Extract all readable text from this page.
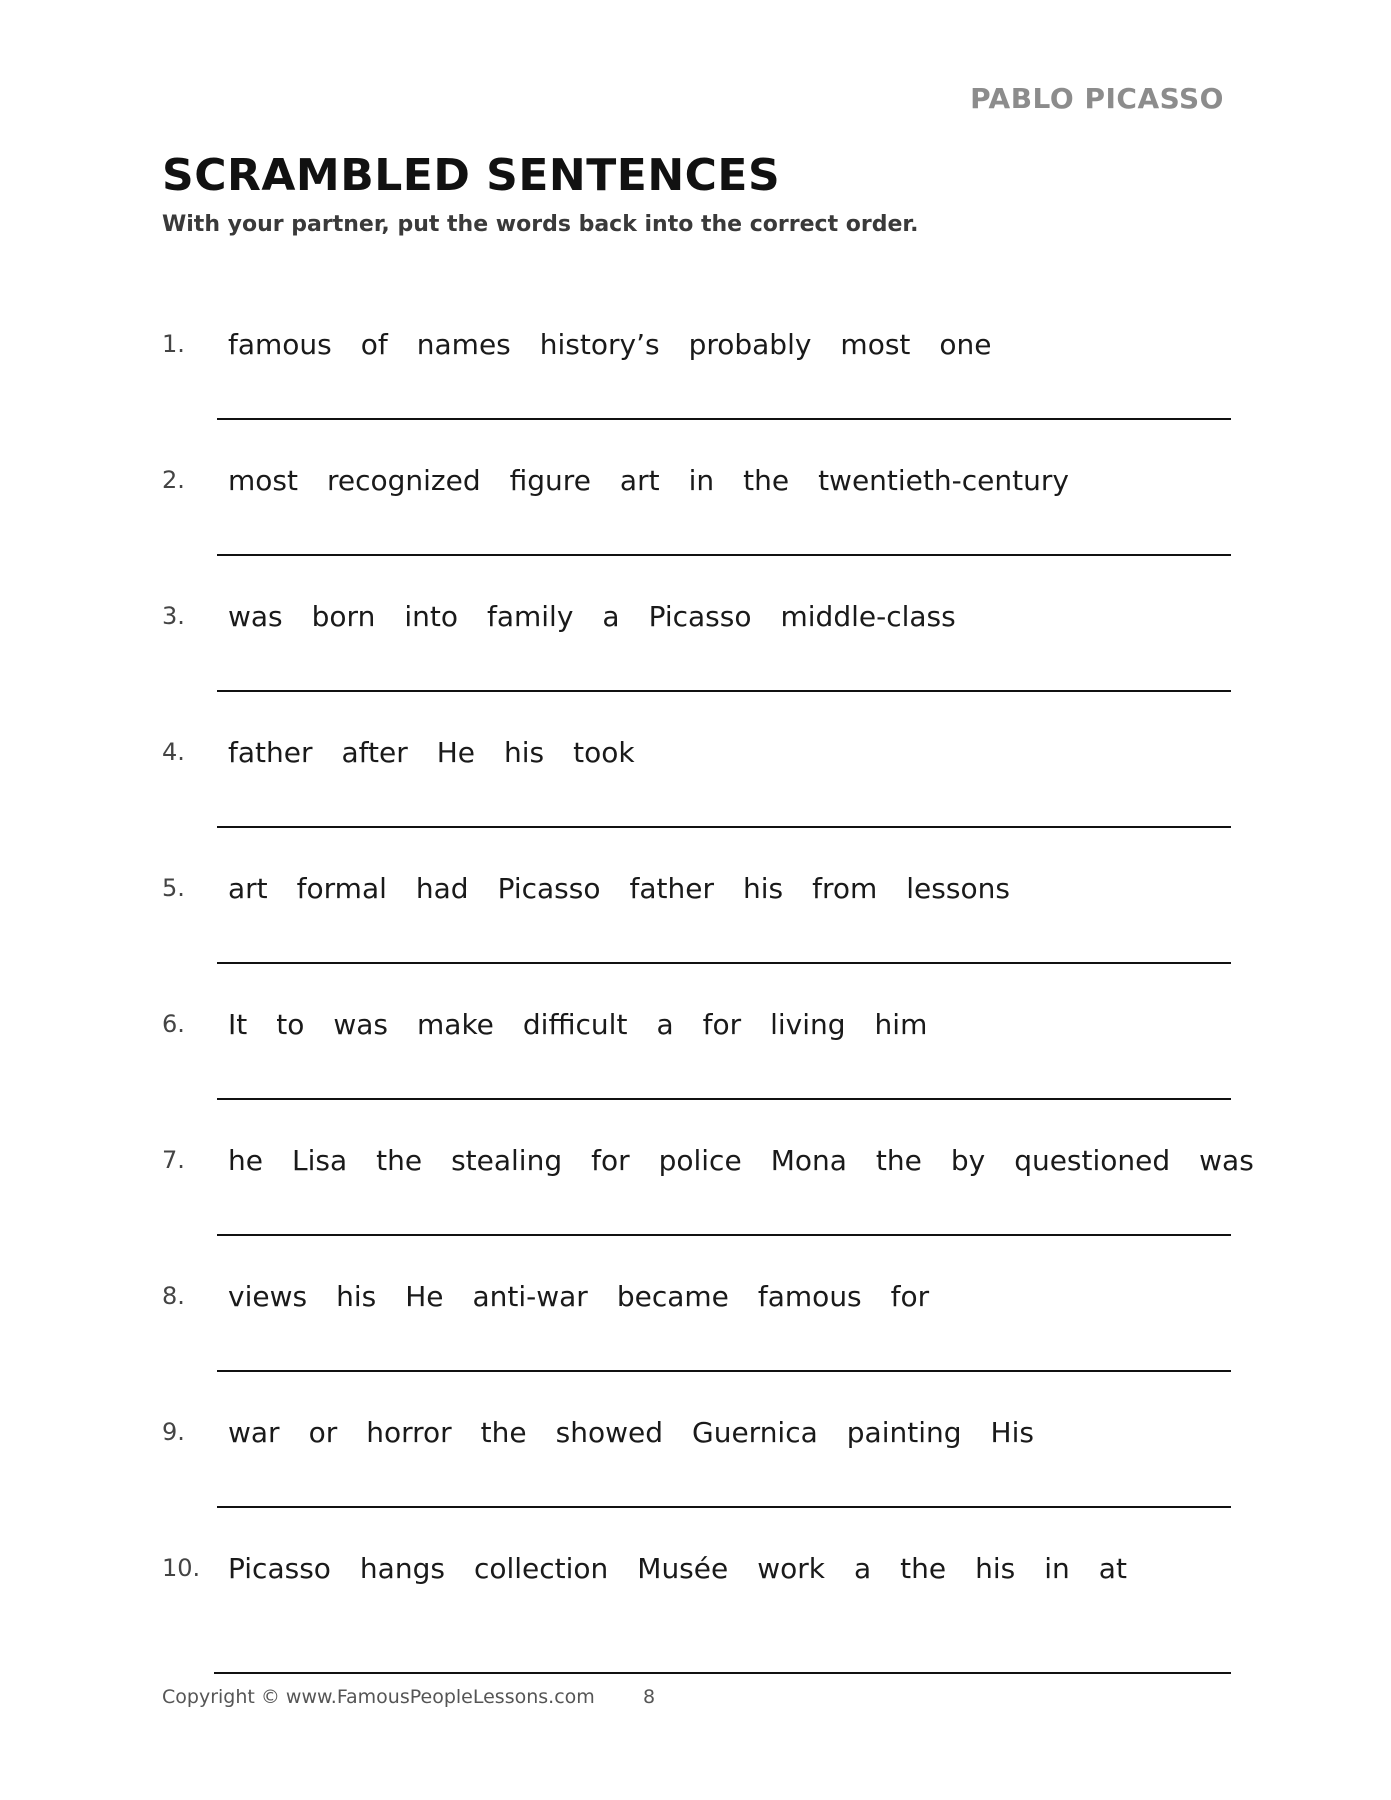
PABLO PICASSO
SCRAMBLED SENTENCES

With your partner, put the words back into the correct order.

1. famous of names history’s probably most one
2. most recognized figure art in the twentieth-century
3. was born into family a Picasso middle-class
4. father after He his took
5. art formal had Picasso father his from lessons
6. It to was make difficult a for living him
7. he Lisa the stealing for police Mona the by questioned was
8. views his He anti-war became famous for
9. war or horror the showed Guernica painting His
10. Picasso hangs collection Musée work a the his in at
Copyright © www.FamousPeopleLessons.com	8
